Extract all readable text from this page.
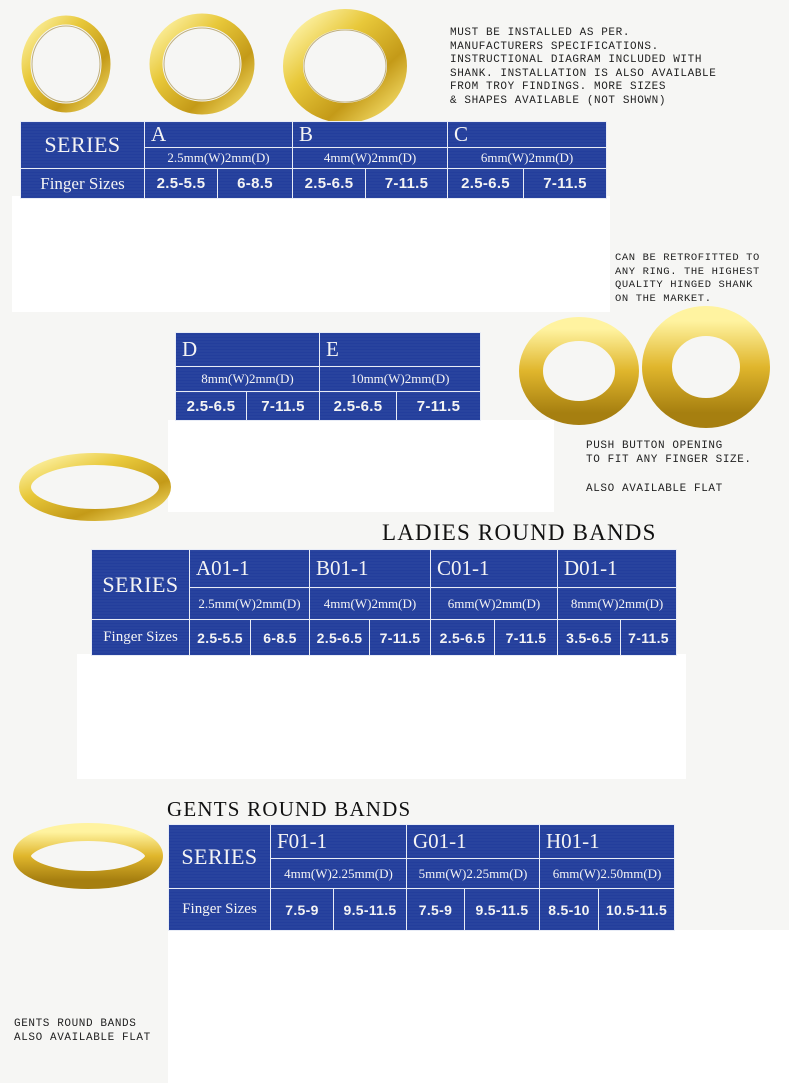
MUST BE INSTALLED AS PER.
MANUFACTURERS SPECIFICATIONS.
INSTRUCTIONAL DIAGRAM INCLUDED WITH
SHANK. INSTALLATION IS ALSO AVAILABLE
FROM TROY FINDINGS. MORE SIZES
& SHAPES AVAILABLE (NOT SHOWN)
CAN BE RETROFITTED TO
ANY RING. THE HIGHEST
QUALITY HINGED SHANK
ON THE MARKET.
PUSH BUTTON OPENING
TO FIT ANY FINGER SIZE.
ALSO AVAILABLE FLAT
GENTS ROUND BANDS
ALSO AVAILABLE FLAT
SERIES	A		B		C	
	2.5mm(W)2mm(D)		4mm(W)2mm(D)		6mm(W)2mm(D)	
Finger Sizes	2.5-5.5	6-8.5	2.5-6.5	7-11.5	2.5-6.5	7-11.5
D		E	
8mm(W)2mm(D)		10mm(W)2mm(D)	
2.5-6.5	7-11.5	2.5-6.5	7-11.5
LADIES ROUND BANDS
SERIES	A01-1		B01-1		C01-1		D01-1	
	2.5mm(W)2mm(D)		4mm(W)2mm(D)		6mm(W)2mm(D)		8mm(W)2mm(D)	
Finger Sizes	2.5-5.5	6-8.5	2.5-6.5	7-11.5	2.5-6.5	7-11.5	3.5-6.5	7-11.5
GENTS ROUND BANDS
SERIES	F01-1		G01-1		H01-1	
	4mm(W)2.25mm(D)		5mm(W)2.25mm(D)		6mm(W)2.50mm(D)	
Finger Sizes	7.5-9	9.5-11.5	7.5-9	9.5-11.5	8.5-10	10.5-11.5
